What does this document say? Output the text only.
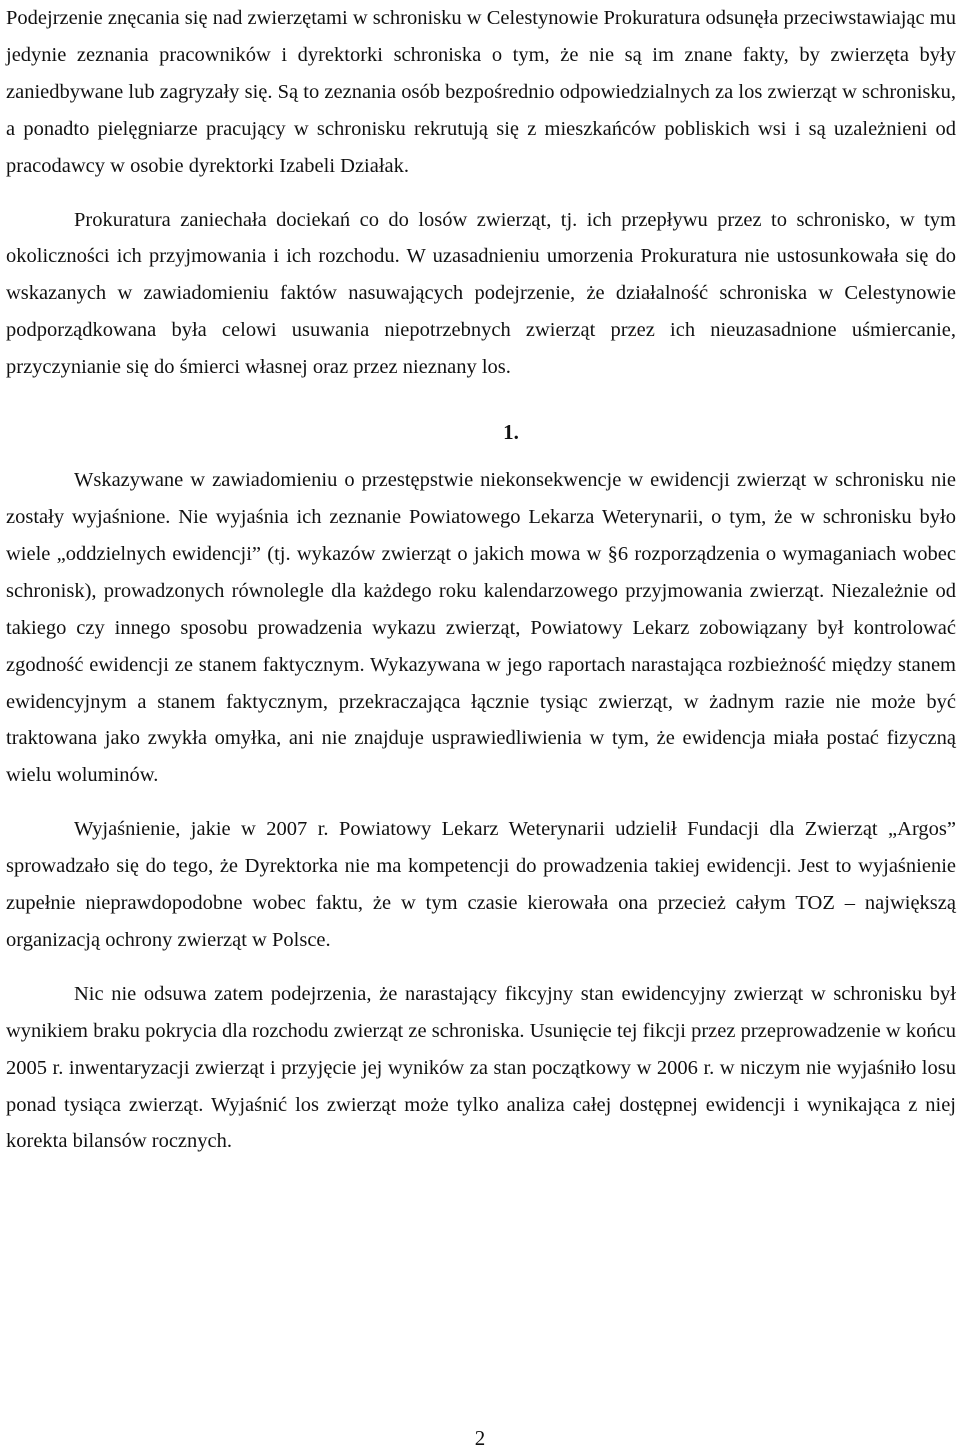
Podejrzenie znęcania się nad zwierzętami w schronisku w Celestynowie Prokuratura odsunęła przeciwstawiając mu jedynie zeznania pracowników i dyrektorki schroniska o tym, że nie są im znane fakty, by zwierzęta były zaniedbywane lub zagryzały się. Są to zeznania osób bezpośrednio odpowiedzialnych za los zwierząt w schronisku, a ponadto pielęgniarze pracujący w schronisku rekrutują się z mieszkańców pobliskich wsi i są uzależnieni od pracodawcy w osobie dyrektorki Izabeli Działak.

Prokuratura zaniechała dociekań co do losów zwierząt, tj. ich przepływu przez to schronisko, w tym okoliczności ich przyjmowania i ich rozchodu. W uzasadnieniu umorzenia Prokuratura nie ustosunkowała się do wskazanych w zawiadomieniu faktów nasuwających podejrzenie, że działalność schroniska w Celestynowie podporządkowana była celowi usuwania niepotrzebnych zwierząt przez ich nieuzasadnione uśmiercanie, przyczynianie się do śmierci własnej oraz przez nieznany los.

1.

Wskazywane w zawiadomieniu o przestępstwie niekonsekwencje w ewidencji zwierząt w schronisku nie zostały wyjaśnione. Nie wyjaśnia ich zeznanie Powiatowego Lekarza Weterynarii, o tym, że w schronisku było wiele „oddzielnych ewidencji” (tj. wykazów zwierząt o jakich mowa w §6 rozporządzenia o wymaganiach wobec schronisk), prowadzonych równolegle dla każdego roku kalendarzowego przyjmowania zwierząt. Niezależnie od takiego czy innego sposobu prowadzenia wykazu zwierząt, Powiatowy Lekarz zobowiązany był kontrolować zgodność ewidencji ze stanem faktycznym. Wykazywana w jego raportach narastająca rozbieżność między stanem ewidencyjnym a stanem faktycznym, przekraczająca łącznie tysiąc zwierząt, w żadnym razie nie może być traktowana jako zwykła omyłka, ani nie znajduje usprawiedliwienia w tym, że ewidencja miała postać fizyczną wielu woluminów.

Wyjaśnienie, jakie w 2007 r. Powiatowy Lekarz Weterynarii udzielił Fundacji dla Zwierząt „Argos” sprowadzało się do tego, że Dyrektorka nie ma kompetencji do prowadzenia takiej ewidencji. Jest to wyjaśnienie zupełnie nieprawdopodobne wobec faktu, że w tym czasie kierowała ona przecież całym TOZ – największą organizacją ochrony zwierząt w Polsce.

Nic nie odsuwa zatem podejrzenia, że narastający fikcyjny stan ewidencyjny zwierząt w schronisku był wynikiem braku pokrycia dla rozchodu zwierząt ze schroniska. Usunięcie tej fikcji przez przeprowadzenie w końcu 2005 r. inwentaryzacji zwierząt i przyjęcie jej wyników za stan początkowy w 2006 r. w niczym nie wyjaśniło losu ponad tysiąca zwierząt. Wyjaśnić los zwierząt może tylko analiza całej dostępnej ewidencji i wynikająca z niej korekta bilansów rocznych.

2
